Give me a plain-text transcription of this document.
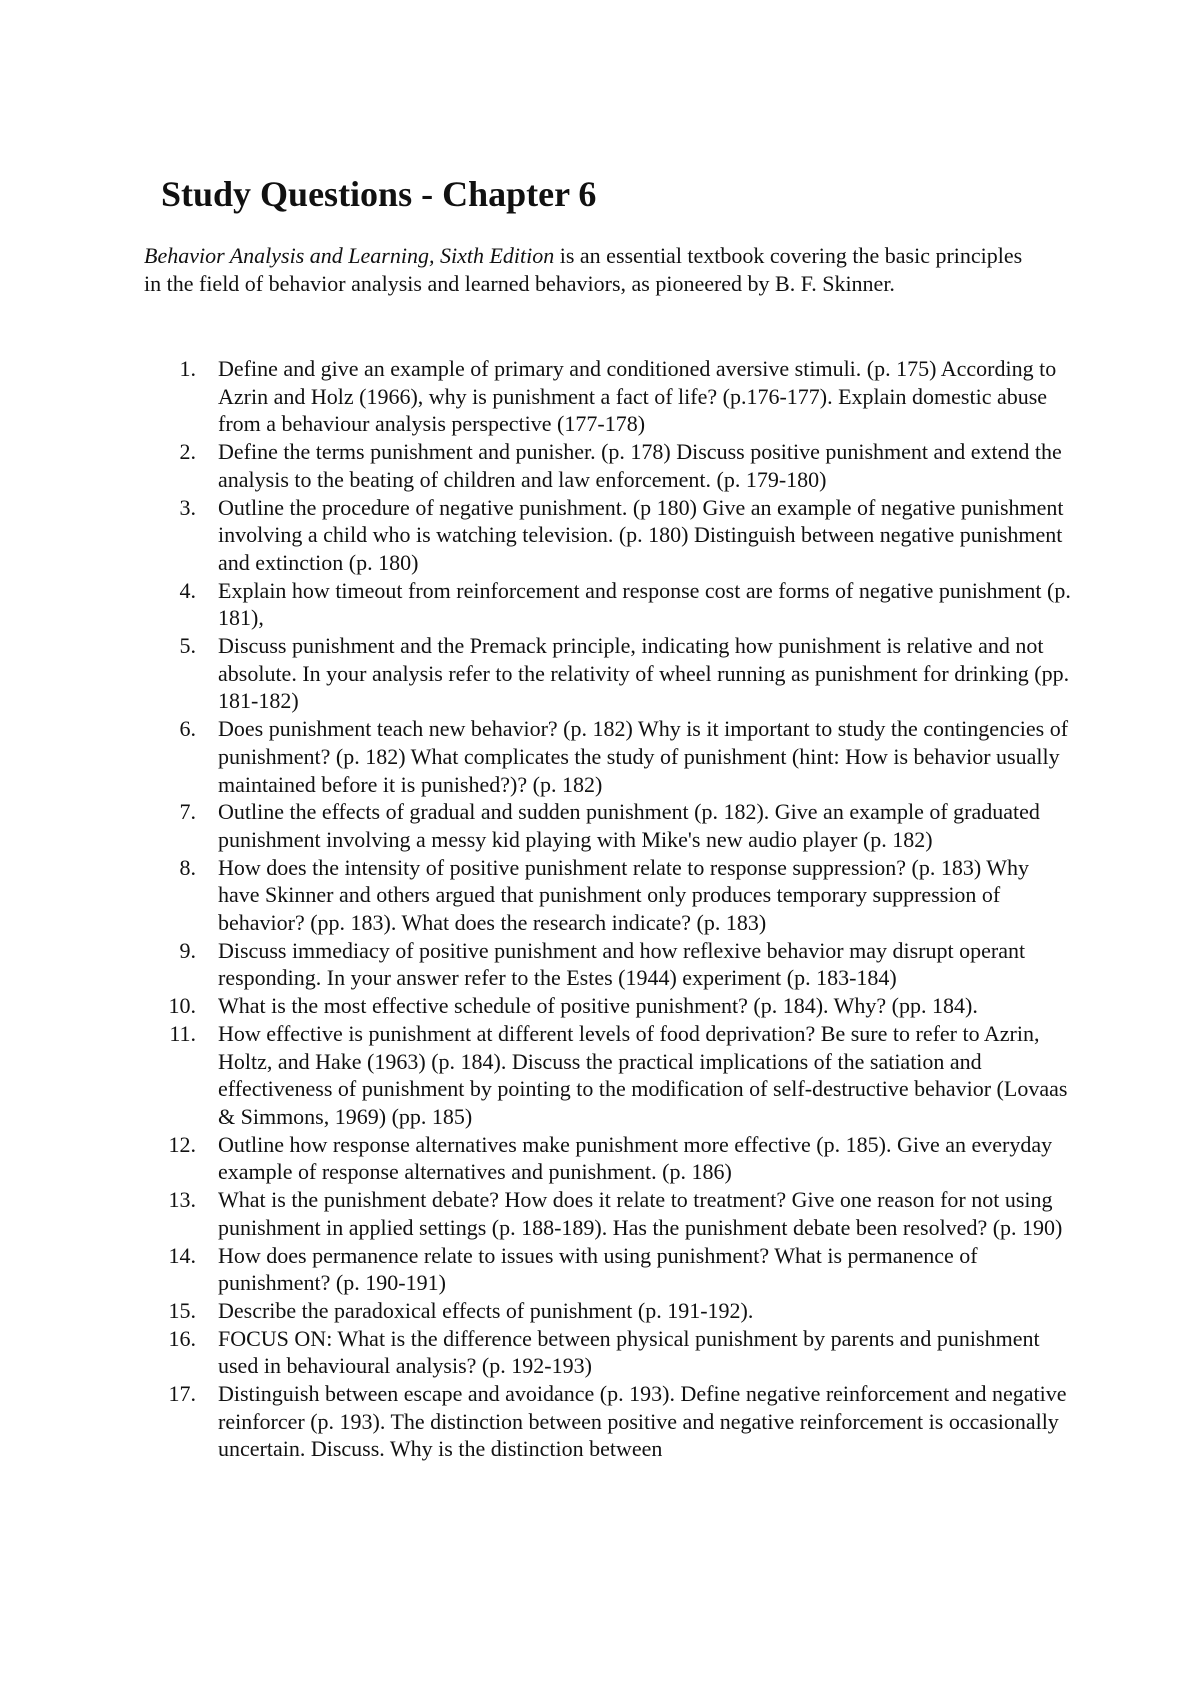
Study Questions - Chapter 6

Behavior Analysis and Learning, Sixth Edition is an essential textbook covering the basic principles in the field of behavior analysis and learned behaviors, as pioneered by B. F. Skinner.

1. Define and give an example of primary and conditioned aversive stimuli. (p. 175) According to Azrin and Holz (1966), why is punishment a fact of life? (p.176-177). Explain domestic abuse from a behaviour analysis perspective (177-178)
2. Define the terms punishment and punisher. (p. 178) Discuss positive punishment and extend the analysis to the beating of children and law enforcement. (p. 179-180)
3. Outline the procedure of negative punishment. (p 180) Give an example of negative punishment involving a child who is watching television. (p. 180) Distinguish between negative punishment and extinction (p. 180)
4. Explain how timeout from reinforcement and response cost are forms of negative punishment (p. 181),
5. Discuss punishment and the Premack principle, indicating how punishment is relative and not absolute. In your analysis refer to the relativity of wheel running as punishment for drinking (pp. 181-182)
6. Does punishment teach new behavior? (p. 182) Why is it important to study the contingencies of punishment? (p. 182) What complicates the study of punishment (hint: How is behavior usually maintained before it is punished?)? (p. 182)
7. Outline the effects of gradual and sudden punishment (p. 182). Give an example of graduated punishment involving a messy kid playing with Mike's new audio player (p. 182)
8. How does the intensity of positive punishment relate to response suppression? (p. 183) Why have Skinner and others argued that punishment only produces temporary suppression of behavior? (pp. 183). What does the research indicate? (p. 183)
9. Discuss immediacy of positive punishment and how reflexive behavior may disrupt operant responding. In your answer refer to the Estes (1944) experiment (p. 183-184)
10. What is the most effective schedule of positive punishment? (p. 184). Why? (pp. 184).
11. How effective is punishment at different levels of food deprivation? Be sure to refer to Azrin, Holtz, and Hake (1963) (p. 184). Discuss the practical implications of the satiation and effectiveness of punishment by pointing to the modification of self-destructive behavior (Lovaas & Simmons, 1969) (pp. 185)
12. Outline how response alternatives make punishment more effective (p. 185). Give an everyday example of response alternatives and punishment. (p. 186)
13. What is the punishment debate? How does it relate to treatment? Give one reason for not using punishment in applied settings (p. 188-189). Has the punishment debate been resolved? (p. 190)
14. How does permanence relate to issues with using punishment? What is permanence of punishment? (p. 190-191)
15. Describe the paradoxical effects of punishment (p. 191-192).
16. FOCUS ON: What is the difference between physical punishment by parents and punishment used in behavioural analysis? (p. 192-193)
17. Distinguish between escape and avoidance (p. 193). Define negative reinforcement and negative reinforcer (p. 193). The distinction between positive and negative reinforcement is occasionally uncertain. Discuss. Why is the distinction between
